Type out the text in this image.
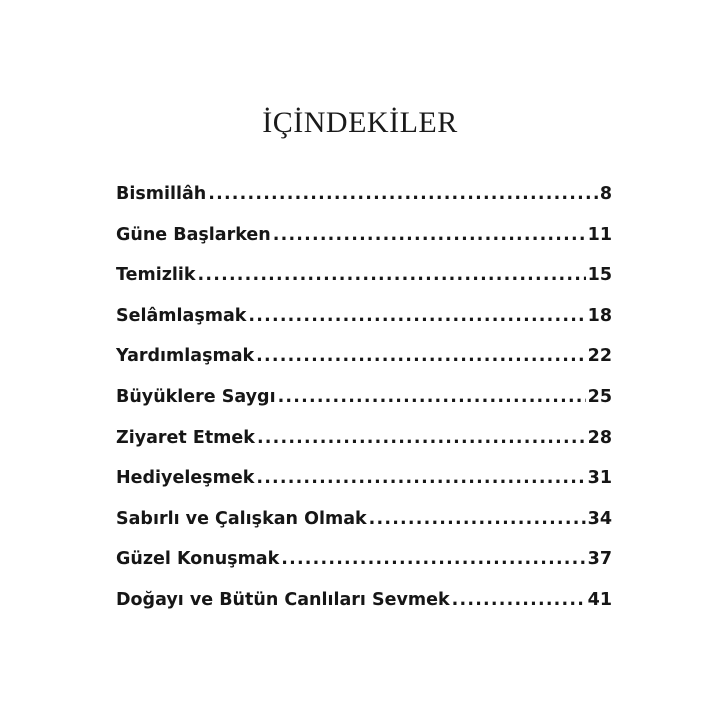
İÇİNDEKİLER
Bismillâh .....	8
Güne Başlarken .....	11
Temizlik .....	15
Selâmlaşmak .....	18
Yardımlaşmak .....	22
Büyüklere Saygı .....	25
Ziyaret Etmek .....	28
Hediyeleşmek .....	31
Sabırlı ve Çalışkan Olmak .....	34
Güzel Konuşmak .....	37
Doğayı ve Bütün Canlıları Sevmek .....	41
